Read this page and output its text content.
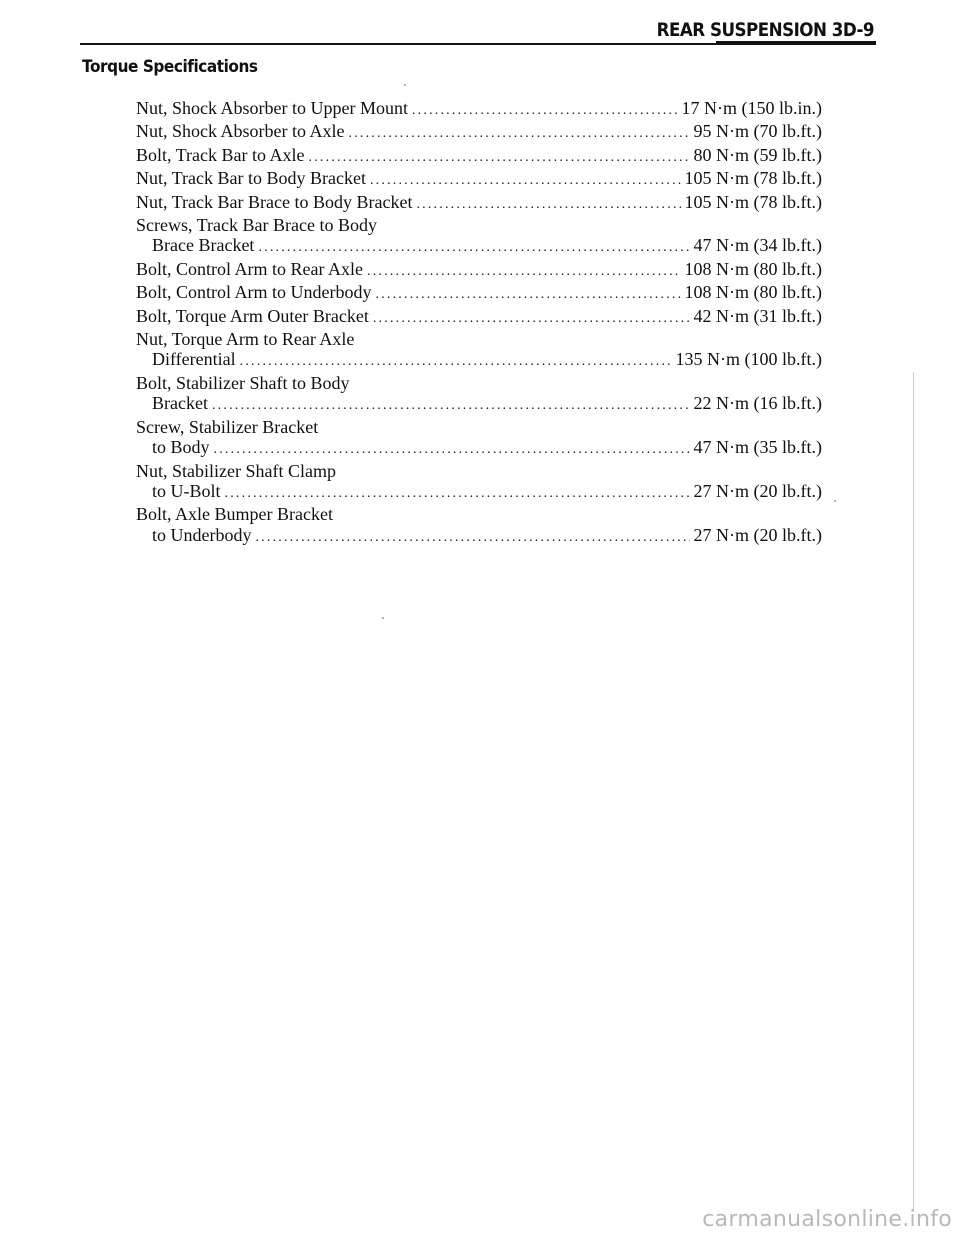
REAR SUSPENSION 3D-9
Torque Specifications
Nut, Shock Absorber to Upper Mount .....	17 N·m (150 lb.in.)
Nut, Shock Absorber to Axle .....	95 N·m (70 lb.ft.)
Bolt, Track Bar to Axle .....	80 N·m (59 lb.ft.)
Nut, Track Bar to Body Bracket .....	105 N·m (78 lb.ft.)
Nut, Track Bar Brace to Body Bracket .....	105 N·m (78 lb.ft.)
Screws, Track Bar Brace to Body
Brace Bracket .....	47 N·m (34 lb.ft.)
Bolt, Control Arm to Rear Axle .....	108 N·m (80 lb.ft.)
Bolt, Control Arm to Underbody .....	108 N·m (80 lb.ft.)
Bolt, Torque Arm Outer Bracket .....	42 N·m (31 lb.ft.)
Nut, Torque Arm to Rear Axle
Differential .....	135 N·m (100 lb.ft.)
Bolt, Stabilizer Shaft to Body
Bracket .....	22 N·m (16 lb.ft.)
Screw, Stabilizer Bracket
to Body .....	47 N·m (35 lb.ft.)
Nut, Stabilizer Shaft Clamp
to U-Bolt .....	27 N·m (20 lb.ft.)
Bolt, Axle Bumper Bracket
to Underbody .....	27 N·m (20 lb.ft.)
carmanualsonline.info
